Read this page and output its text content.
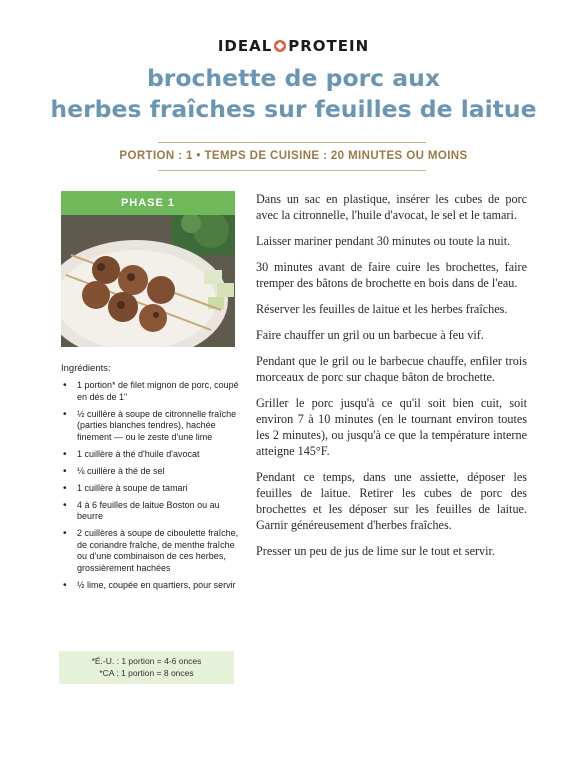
IDEAL PROTEIN
brochette de porc aux
herbes fraîches sur feuilles de laitue
PORTION : 1 • TEMPS DE CUISINE : 20 MINUTES OU MOINS
PHASE 1
Ingrédients:
• 1 portion* de filet mignon de porc, coupé en dés de 1"
• ½ cuillère à soupe de citronnelle fraîche (parties blanches tendres), hachée finement — ou le zeste d'une lime
• 1 cuillère à thé d'huile d'avocat
• ⅛ cuillère à thé de sel
• 1 cuillère à soupe de tamari
• 4 à 6 feuilles de laitue Boston ou au beurre
• 2 cuillères à soupe de ciboulette fraîche, de coriandre fraîche, de menthe fraîche ou d'une combinaison de ces herbes, grossièrement hachées
• ½ lime, coupée en quartiers, pour servir
*É.-U. : 1 portion = 4-6 onces
*CA : 1 portion = 8 onces

Dans un sac en plastique, insérer les cubes de porc avec la citronnelle, l'huile d'avocat, le sel et le tamari.

Laisser mariner pendant 30 minutes ou toute la nuit.

30 minutes avant de faire cuire les brochettes, faire tremper des bâtons de brochette en bois dans de l'eau.

Réserver les feuilles de laitue et les herbes fraîches.

Faire chauffer un gril ou un barbecue à feu vif.

Pendant que le gril ou le barbecue chauffe, enfiler trois morceaux de porc sur chaque bâton de brochette.

Griller le porc jusqu'à ce qu'il soit bien cuit, soit environ 7 à 10 minutes (en le tournant environ toutes les 2 minutes), ou jusqu'à ce que la température interne atteigne 145°F.

Pendant ce temps, dans une assiette, déposer les feuilles de laitue. Retirer les cubes de porc des brochettes et les déposer sur les feuilles de laitue. Garnir généreusement d'herbes fraîches.

Presser un peu de jus de lime sur le tout et servir.
